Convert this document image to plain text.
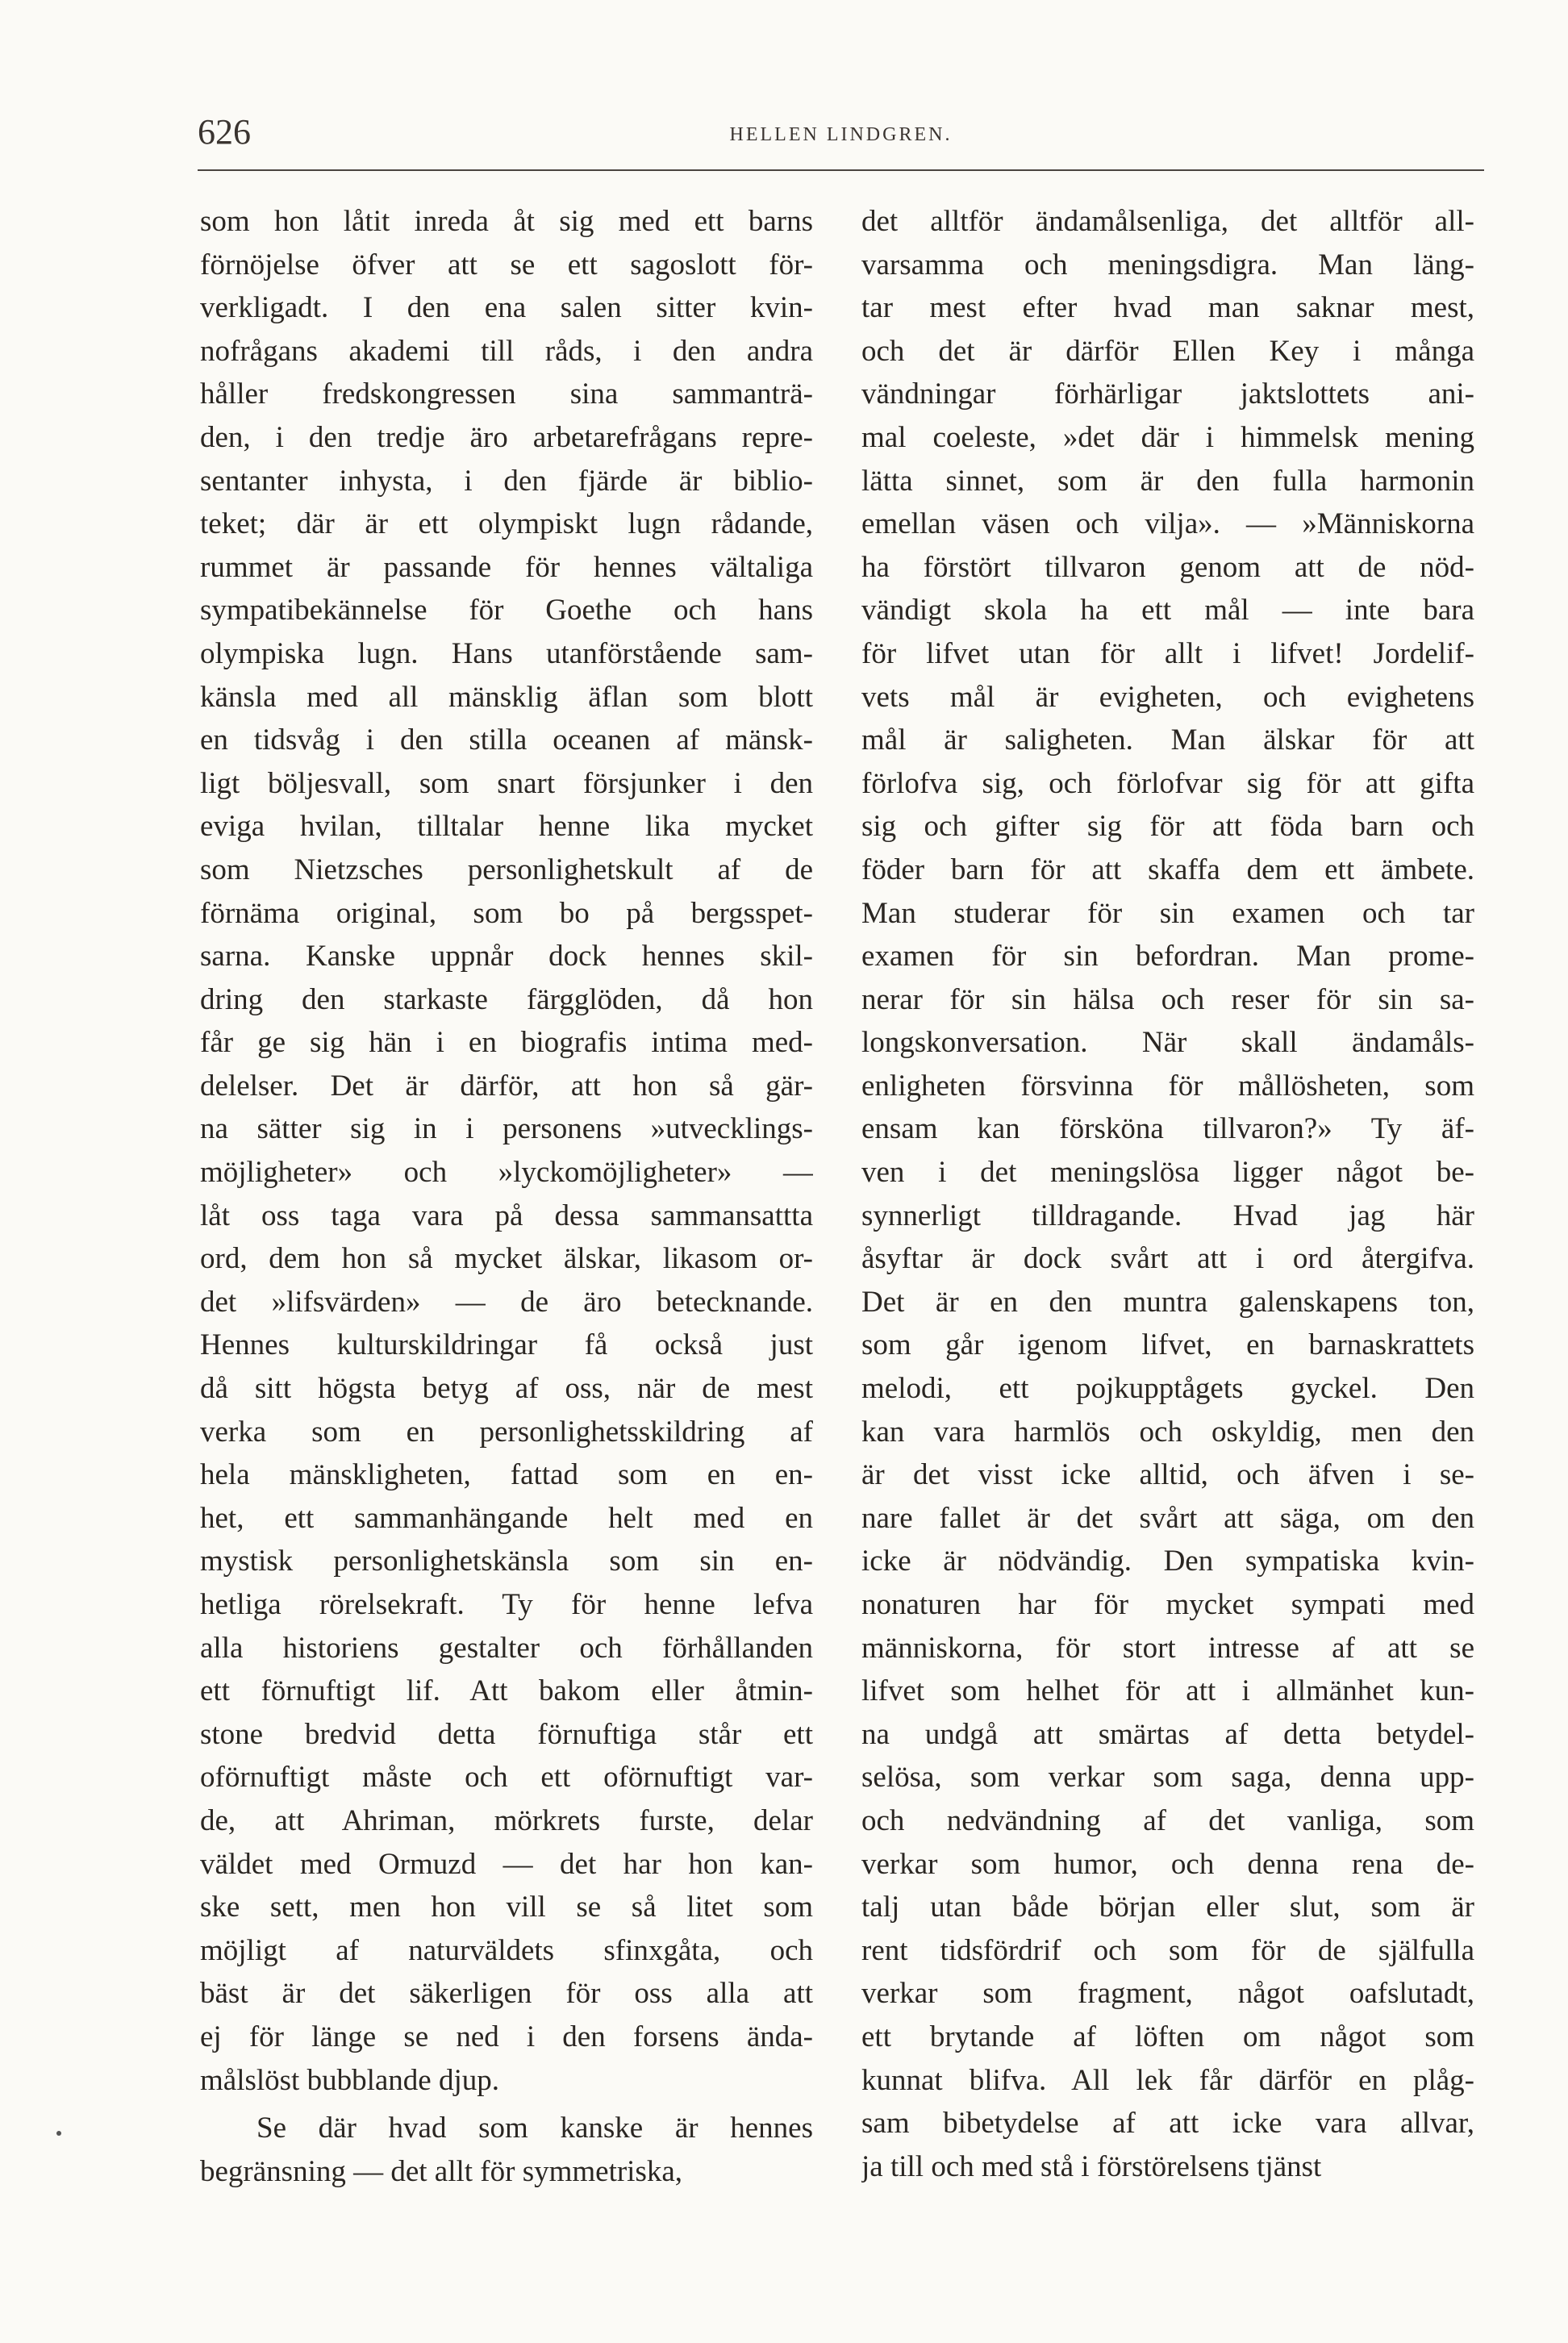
626	HELLEN LINDGREN.
som hon låtit inreda åt sig med ett barns
förnöjelse öfver att se ett sagoslott för-
verkligadt. I den ena salen sitter kvin-
nofrågans akademi till råds, i den andra
håller fredskongressen sina sammanträ-
den, i den tredje äro arbetarefrågans repre-
sentanter inhysta, i den fjärde är biblio-
teket; där är ett olympiskt lugn rådande,
rummet är passande för hennes vältaliga
sympatibekännelse för Goethe och hans
olympiska lugn. Hans utanförstående sam-
känsla med all mänsklig äflan som blott
en tidsvåg i den stilla oceanen af mänsk-
ligt böljesvall, som snart försjunker i den
eviga hvilan, tilltalar henne lika mycket
som Nietzsches personlighetskult af de
förnäma original, som bo på bergsspet-
sarna. Kanske uppnår dock hennes skil-
dring den starkaste färgglöden, då hon
får ge sig hän i en biografis intima med-
delelser. Det är därför, att hon så gär-
na sätter sig in i personens »utvecklings-
möjligheter» och »lyckomöjligheter» —
låt oss taga vara på dessa sammansattta
ord, dem hon så mycket älskar, likasom or-
det »lifsvärden» — de äro betecknande.
Hennes kulturskildringar få också just
då sitt högsta betyg af oss, när de mest
verka som en personlighetsskildring af
hela mänskligheten, fattad som en en-
het, ett sammanhängande helt med en
mystisk personlighetskänsla som sin en-
hetliga rörelsekraft. Ty för henne lefva
alla historiens gestalter och förhållanden
ett förnuftigt lif. Att bakom eller åtmin-
stone bredvid detta förnuftiga står ett
oförnuftigt måste och ett oförnuftigt var-
de, att Ahriman, mörkrets furste, delar
väldet med Ormuzd — det har hon kan-
ske sett, men hon vill se så litet som
möjligt af naturväldets sfinxgåta, och
bäst är det säkerligen för oss alla att
ej för länge se ned i den forsens ända-
målslöst bubblande djup.
Se där hvad som kanske är hennes
begränsning — det allt för symmetriska,
det alltför ändamålsenliga, det alltför all-
varsamma och meningsdigra. Man läng-
tar mest efter hvad man saknar mest,
och det är därför Ellen Key i många
vändningar förhärligar jaktslottets ani-
mal coeleste, »det där i himmelsk mening
lätta sinnet, som är den fulla harmonin
emellan väsen och vilja». — »Människorna
ha förstört tillvaron genom att de nöd-
vändigt skola ha ett mål — inte bara
för lifvet utan för allt i lifvet! Jordelif-
vets mål är evigheten, och evighetens
mål är saligheten. Man älskar för att
förlofva sig, och förlofvar sig för att gifta
sig och gifter sig för att föda barn och
föder barn för att skaffa dem ett ämbete.
Man studerar för sin examen och tar
examen för sin befordran. Man prome-
nerar för sin hälsa och reser för sin sa-
longskonversation. När skall ändamåls-
enligheten försvinna för mållösheten, som
ensam kan försköna tillvaron?» Ty äf-
ven i det meningslösa ligger något be-
synnerligt tilldragande. Hvad jag här
åsyftar är dock svårt att i ord återgifva.
Det är en den muntra galenskapens ton,
som går igenom lifvet, en barnaskrattets
melodi, ett pojkupptågets gyckel. Den
kan vara harmlös och oskyldig, men den
är det visst icke alltid, och äfven i se-
nare fallet är det svårt att säga, om den
icke är nödvändig. Den sympatiska kvin-
nonaturen har för mycket sympati med
människorna, för stort intresse af att se
lifvet som helhet för att i allmänhet kun-
na undgå att smärtas af detta betydel-
selösa, som verkar som saga, denna upp-
och nedvändning af det vanliga, som
verkar som humor, och denna rena de-
talj utan både början eller slut, som är
rent tidsfördrif och som för de själfulla
verkar som fragment, något oafslutadt,
ett brytande af löften om något som
kunnat blifva. All lek får därför en plåg-
sam bibetydelse af att icke vara allvar,
ja till och med stå i förstörelsens tjänst
